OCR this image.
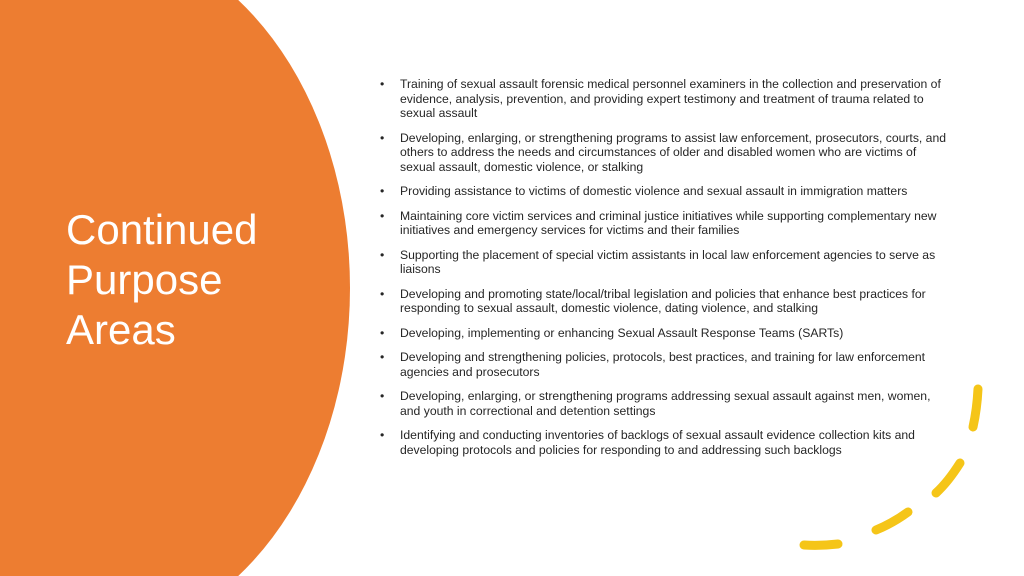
Continued
Purpose
Areas
• Training of sexual assault forensic medical personnel examiners in the collection and preservation of evidence, analysis, prevention, and providing expert testimony and treatment of trauma related to sexual assault
• Developing, enlarging, or strengthening programs to assist law enforcement, prosecutors, courts, and others to address the needs and circumstances of older and disabled women who are victims of sexual assault, domestic violence, or stalking
• Providing assistance to victims of domestic violence and sexual assault in immigration matters
• Maintaining core victim services and criminal justice initiatives while supporting complementary new initiatives and emergency services for victims and their families
• Supporting the placement of special victim assistants in local law enforcement agencies to serve as liaisons
• Developing and promoting state/local/tribal legislation and policies that enhance best practices for responding to sexual assault, domestic violence, dating violence, and stalking
• Developing, implementing or enhancing Sexual Assault Response Teams (SARTs)
• Developing and strengthening policies, protocols, best practices, and training for law enforcement agencies and prosecutors
• Developing, enlarging, or strengthening programs addressing sexual assault against men, women, and youth in correctional and detention settings
• Identifying and conducting inventories of backlogs of sexual assault evidence collection kits and developing protocols and policies for responding to and addressing such backlogs
